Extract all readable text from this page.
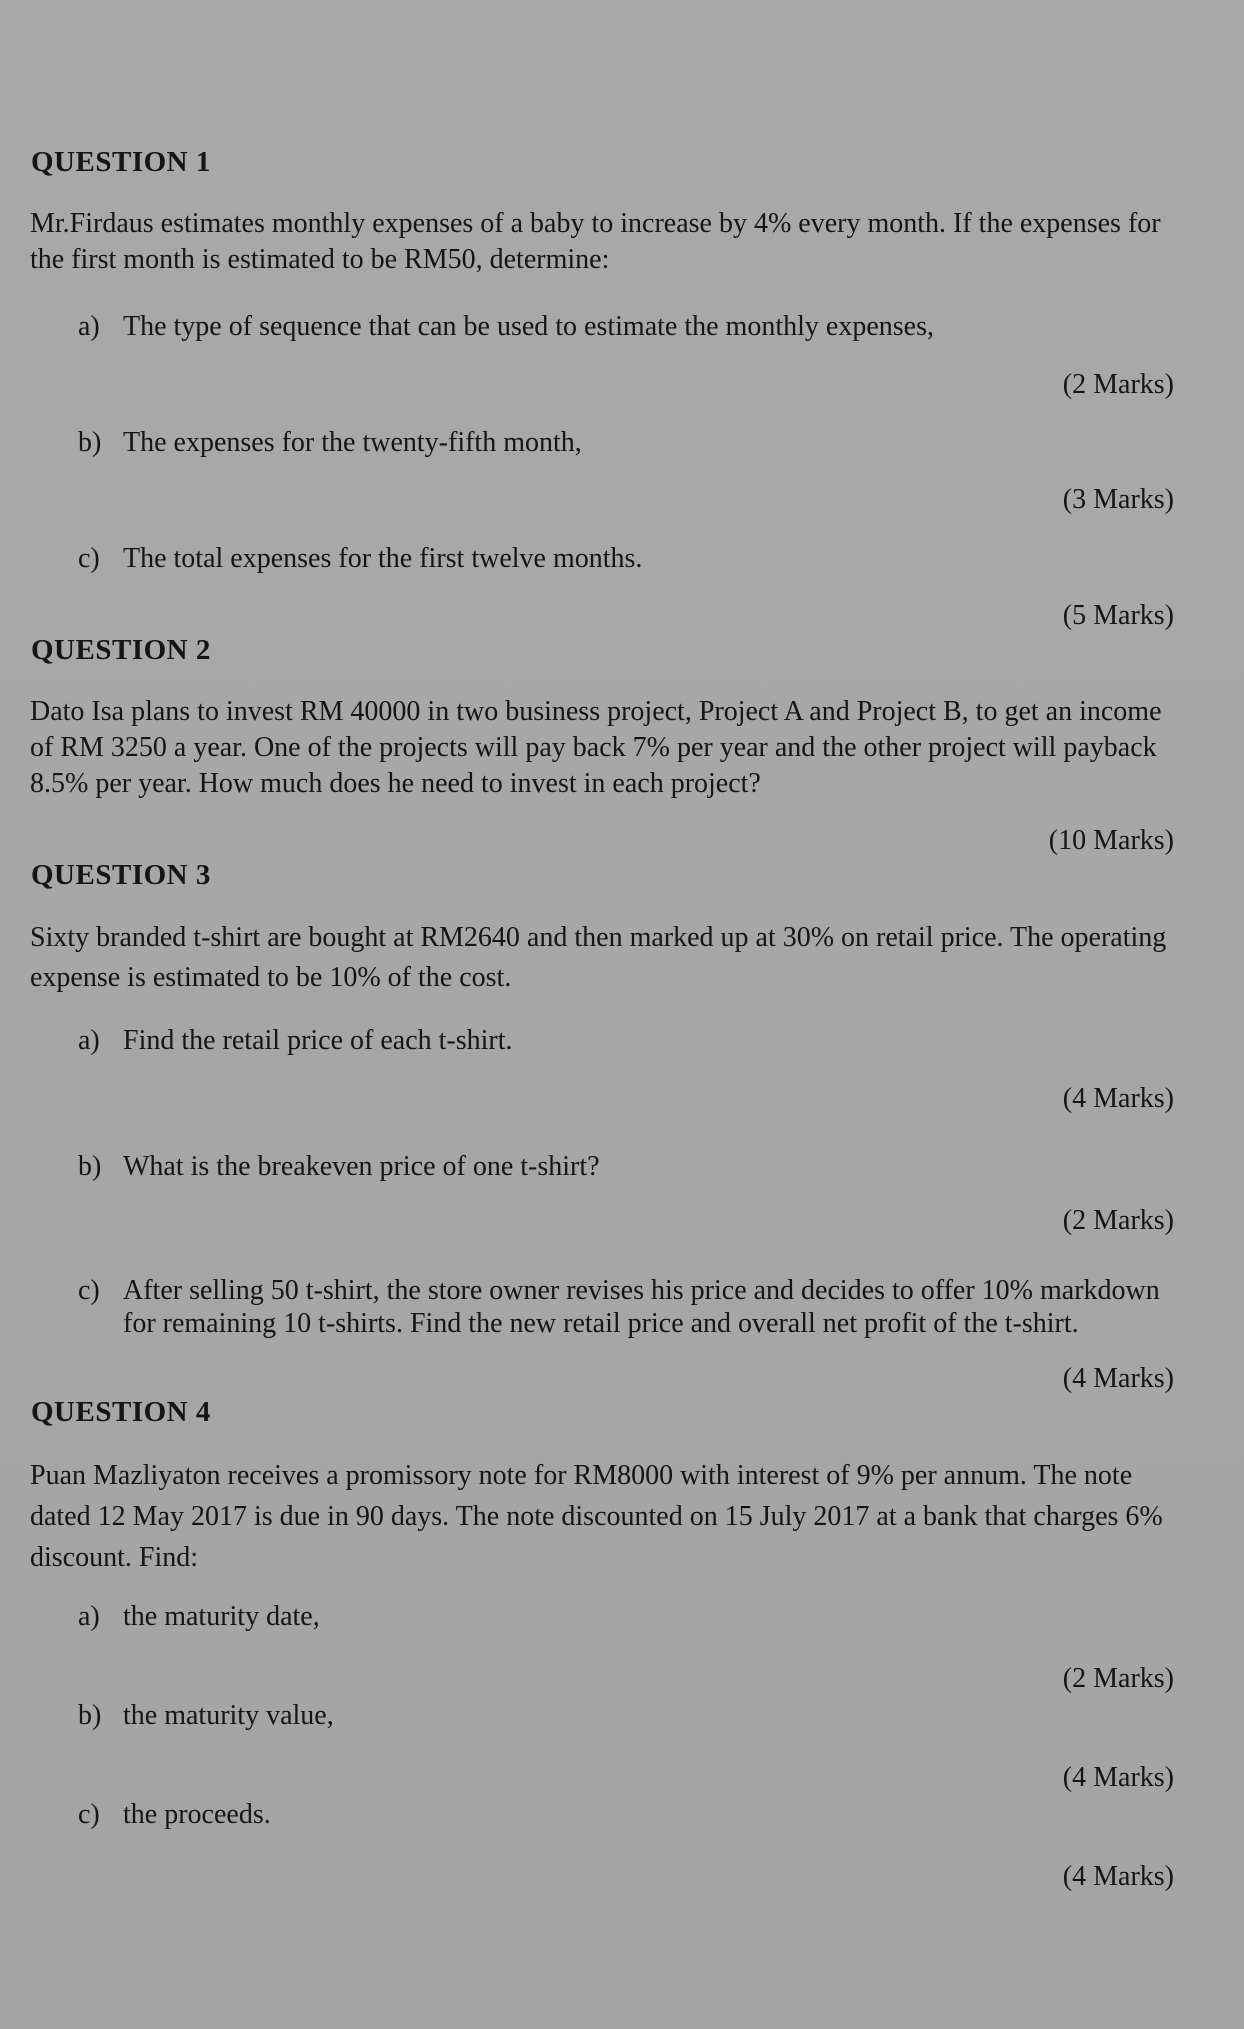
QUESTION 1
Mr.Firdaus estimates monthly expenses of a baby to increase by 4% every month. If the expenses for the first month is estimated to be RM50, determine:
a) The type of sequence that can be used to estimate the monthly expenses,
(2 Marks)
b) The expenses for the twenty-fifth month,
(3 Marks)
c) The total expenses for the first twelve months.
(5 Marks)
QUESTION 2
Dato Isa plans to invest RM 40000 in two business project, Project A and Project B, to get an income of RM 3250 a year. One of the projects will pay back 7% per year and the other project will payback 8.5% per year. How much does he need to invest in each project?
(10 Marks)
QUESTION 3
Sixty branded t-shirt are bought at RM2640 and then marked up at 30% on retail price. The operating expense is estimated to be 10% of the cost.
a) Find the retail price of each t-shirt.
(4 Marks)
b) What is the breakeven price of one t-shirt?
(2 Marks)
c) After selling 50 t-shirt, the store owner revises his price and decides to offer 10% markdown for remaining 10 t-shirts. Find the new retail price and overall net profit of the t-shirt.
(4 Marks)
QUESTION 4
Puan Mazliyaton receives a promissory note for RM8000 with interest of 9% per annum. The note dated 12 May 2017 is due in 90 days. The note discounted on 15 July 2017 at a bank that charges 6% discount. Find:
a) the maturity date,
(2 Marks)
b) the maturity value,
(4 Marks)
c) the proceeds.
(4 Marks)
